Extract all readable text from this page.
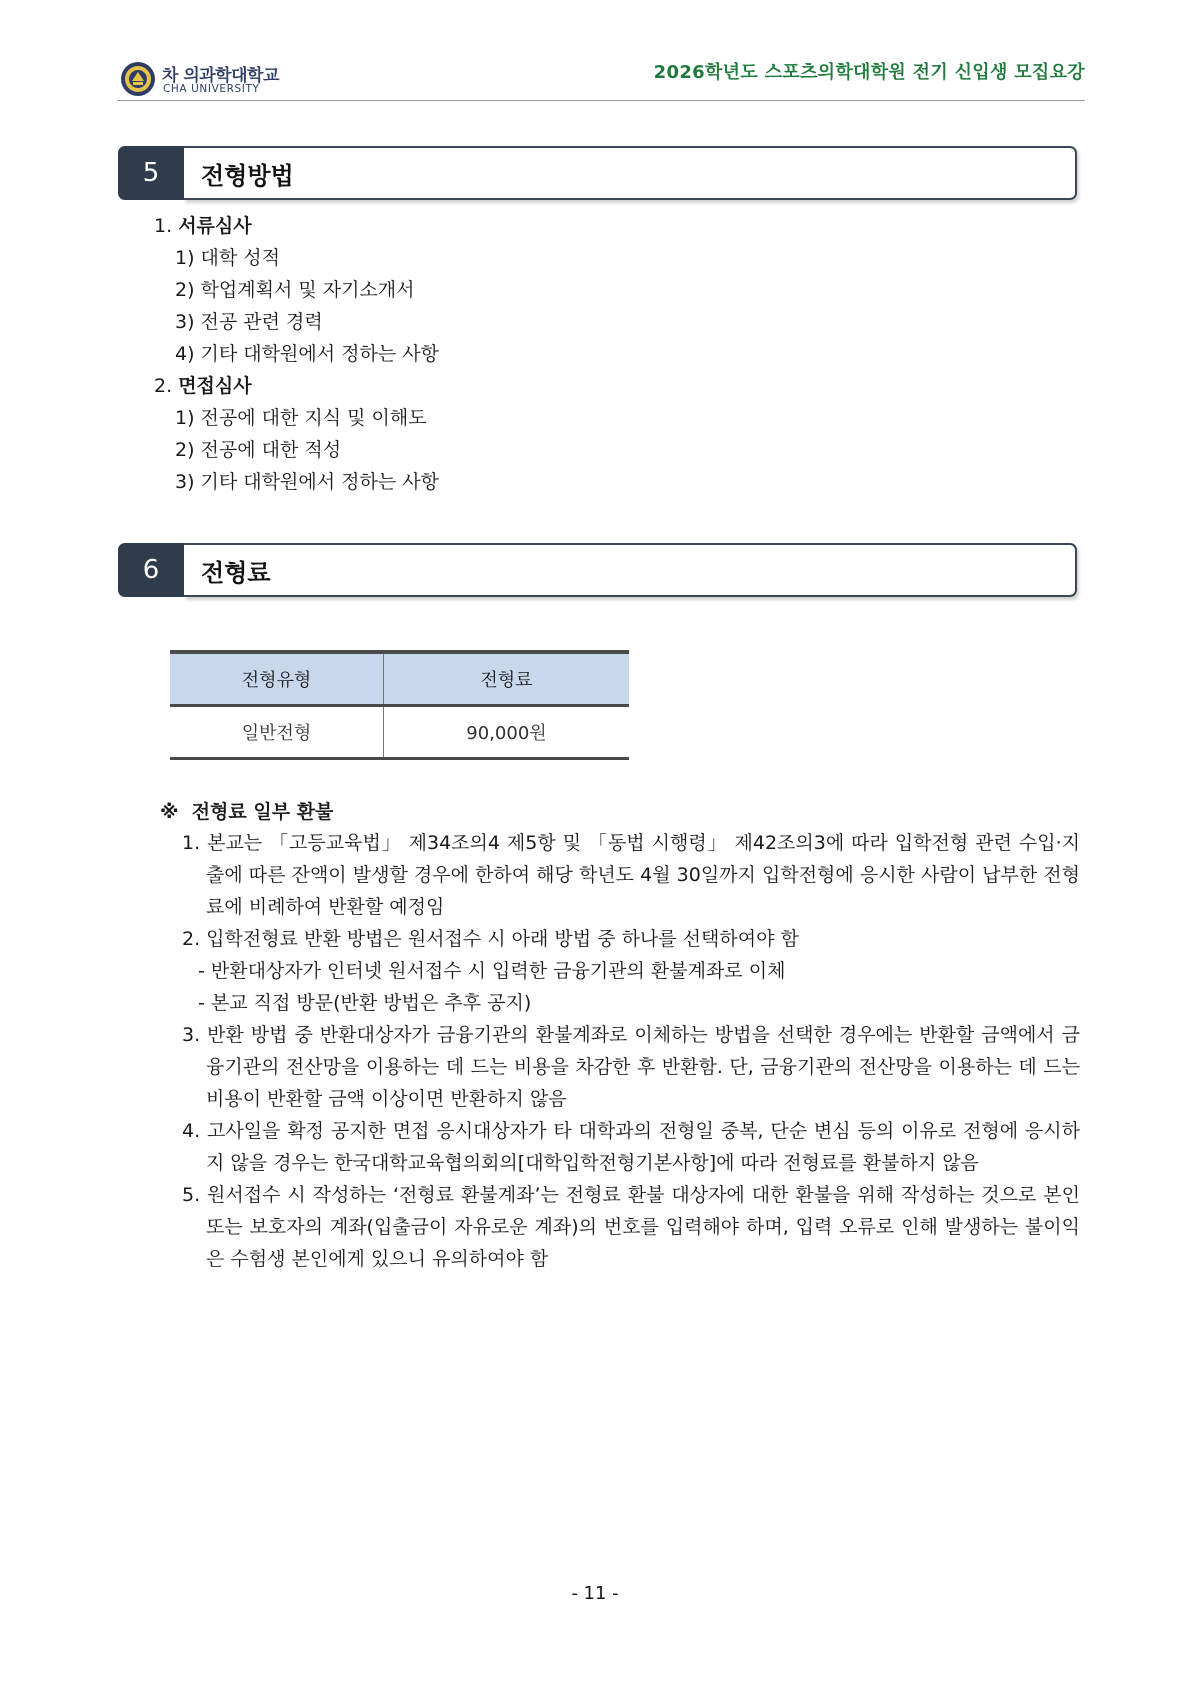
차 의과학대학교
CHA UNIVERSITY
2026학년도 스포츠의학대학원 전기 신입생 모집요강
5	전형방법
1. 서류심사
1) 대학 성적
2) 학업계획서 및 자기소개서
3) 전공 관련 경력
4) 기타 대학원에서 정하는 사항
2. 면접심사
1) 전공에 대한 지식 및 이해도
2) 전공에 대한 적성
3) 기타 대학원에서 정하는 사항
6	전형료
전형유형	전형료
일반전형	90,000원
※  전형료 일부 환불

1. 본교는 「고등교육법」 제34조의4 제5항 및 「동법 시행령」 제42조의3에 따라 입학전형 관련 수입·지출에 따른 잔액이 발생할 경우에 한하여 해당 학년도 4월 30일까지 입학전형에 응시한 사람이 납부한 전형료에 비례하여 반환할 예정임

2. 입학전형료 반환 방법은 원서접수 시 아래 방법 중 하나를 선택하여야 함

- 반환대상자가 인터넷 원서접수 시 입력한 금융기관의 환불계좌로 이체

- 본교 직접 방문(반환 방법은 추후 공지)

3. 반환 방법 중 반환대상자가 금융기관의 환불계좌로 이체하는 방법을 선택한 경우에는 반환할 금액에서 금융기관의 전산망을 이용하는 데 드는 비용을 차감한 후 반환함. 단, 금융기관의 전산망을 이용하는 데 드는 비용이 반환할 금액 이상이면 반환하지 않음

4. 고사일을 확정 공지한 면접 응시대상자가 타 대학과의 전형일 중복, 단순 변심 등의 이유로 전형에 응시하지 않을 경우는 한국대학교육협의회의[대학입학전형기본사항]에 따라 전형료를 환불하지 않음

5. 원서접수 시 작성하는 ‘전형료 환불계좌’는 전형료 환불 대상자에 대한 환불을 위해 작성하는 것으로 본인 또는 보호자의 계좌(입출금이 자유로운 계좌)의 번호를 입력해야 하며, 입력 오류로 인해 발생하는 불이익은 수험생 본인에게 있으니 유의하여야 함

- 11 -
